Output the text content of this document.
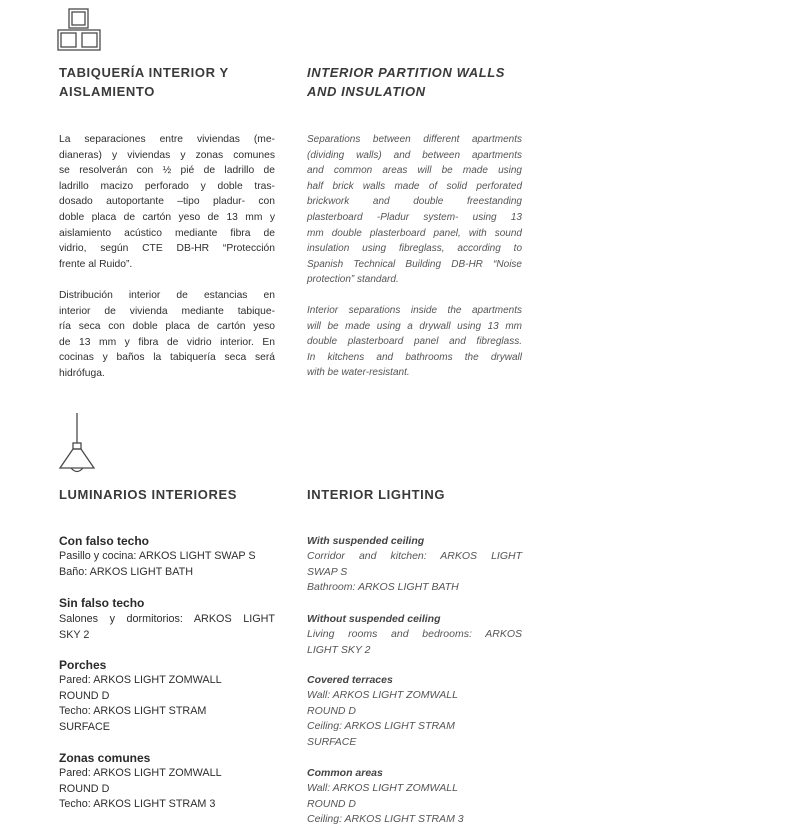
TABIQUERÍA INTERIOR Y
AISLAMIENTO
La separaciones entre viviendas (me-
dianeras) y viviendas y zonas comunes
se resolverán con ½ pié de ladrillo de
ladrillo macizo perforado y doble tras-
dosado autoportante –tipo pladur- con
doble placa de cartón yeso de 13 mm y
aislamiento acústico mediante fibra de
vidrio, según CTE DB-HR “Protección
frente al Ruido”.
Distribución interior de estancias en
interior de vivienda mediante tabique-
ría seca con doble placa de cartón yeso
de 13 mm y fibra de vidrio interior. En
cocinas y baños la tabiquería seca será
hidrófuga.
INTERIOR PARTITION WALLS
AND INSULATION
Separations between different apartments
(dividing walls) and between apartments
and common areas will be made using
half brick walls made of solid perforated
brickwork and double freestanding
plasterboard -Pladur system- using 13
mm double plasterboard panel, with sound
insulation using fibreglass, according to
Spanish Technical Building DB-HR “Noise
protection” standard.
Interior separations inside the apartments
will be made using a drywall using 13 mm
double plasterboard panel and fibreglass.
In kitchens and bathrooms the drywall
with be water-resistant.
LUMINARIOS INTERIORES
Con falso techo
Pasillo y cocina: ARKOS LIGHT SWAP S
Baño: ARKOS LIGHT BATH
Sin falso techo
Salones y dormitorios: ARKOS LIGHT
SKY 2
Porches
Pared: ARKOS LIGHT ZOMWALL
ROUND D
Techo: ARKOS LIGHT STRAM
SURFACE
Zonas comunes
Pared: ARKOS LIGHT ZOMWALL
ROUND D
Techo: ARKOS LIGHT STRAM 3
INTERIOR LIGHTING
With suspended ceiling
Corridor and kitchen: ARKOS LIGHT
SWAP S
Bathroom: ARKOS LIGHT BATH
Without suspended ceiling
Living rooms and bedrooms: ARKOS
LIGHT SKY 2
Covered terraces
Wall: ARKOS LIGHT ZOMWALL
ROUND D
Ceiling: ARKOS LIGHT STRAM
SURFACE
Common areas
Wall: ARKOS LIGHT ZOMWALL
ROUND D
Ceiling: ARKOS LIGHT STRAM 3
